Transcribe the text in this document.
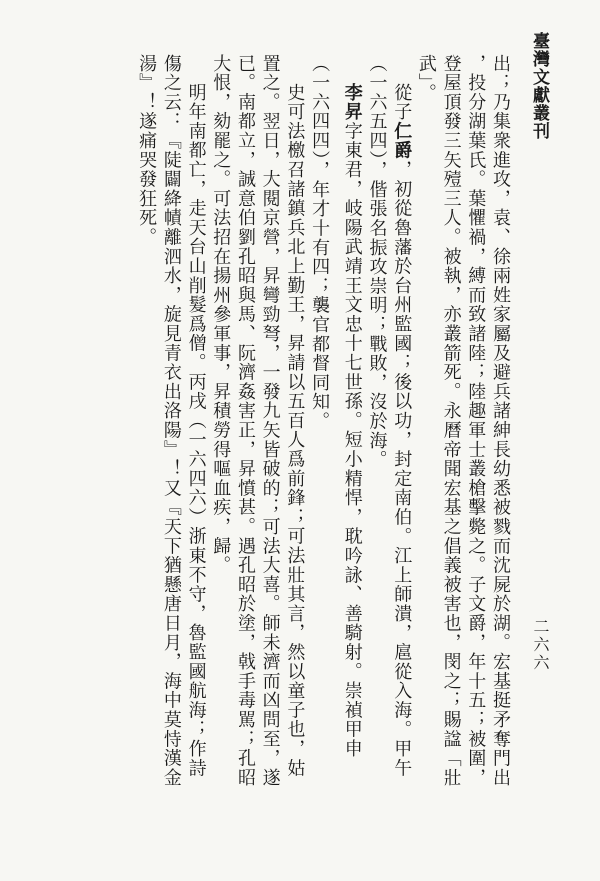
臺灣文獻叢刊
二六六

出；乃集衆進攻，袁、徐兩姓家屬及避兵諸紳長幼悉被戮而沈屍於湖。宏基挺矛奪門出

，投分湖葉氏。葉懼禍，縛而致諸陸；陸趣軍士叢槍擊斃之。子文爵，年十五；被圍，

登屋頂發三矢殪三人。被執，亦叢箭死。永曆帝聞宏基之倡義被害也，閔之；賜諡「壯

武」。

從子仁爵，初從魯藩於台州監國；後以功，封定南伯。江上師潰，扈從入海。甲午

（一六五四），偕張名振攻崇明；戰敗，沒於海。

李昇字東君，岐陽武靖王文忠十七世孫。短小精悍，耽吟詠、善騎射。崇禎甲申

（一六四四），年才十有四；襲官都督同知。

史可法檄召諸鎮兵北上勤王，昇請以五百人爲前鋒；可法壯其言，然以童子也，姑

置之。翌日，大閱京營，昇彎勁弩，一發九矢皆破的；可法大喜。師未濟而凶問至，遂

已。南都立，誠意伯劉孔昭與馬、阮濟姦害正，昇憤甚。遇孔昭於塗，戟手毒駡；孔昭

大恨，劾罷之。可法招在揚州參軍事，昇積勞得嘔血疾，歸。

明年南都亡，走天台山削髮爲僧。丙戌（一六四六）浙東不守，魯監國航海；作詩

傷之云：『陡闢絳幘離泗水，旋見青衣出洛陽』！又『天下猶懸唐日月，海中莫恃漢金

湯』！遂痛哭發狂死。
